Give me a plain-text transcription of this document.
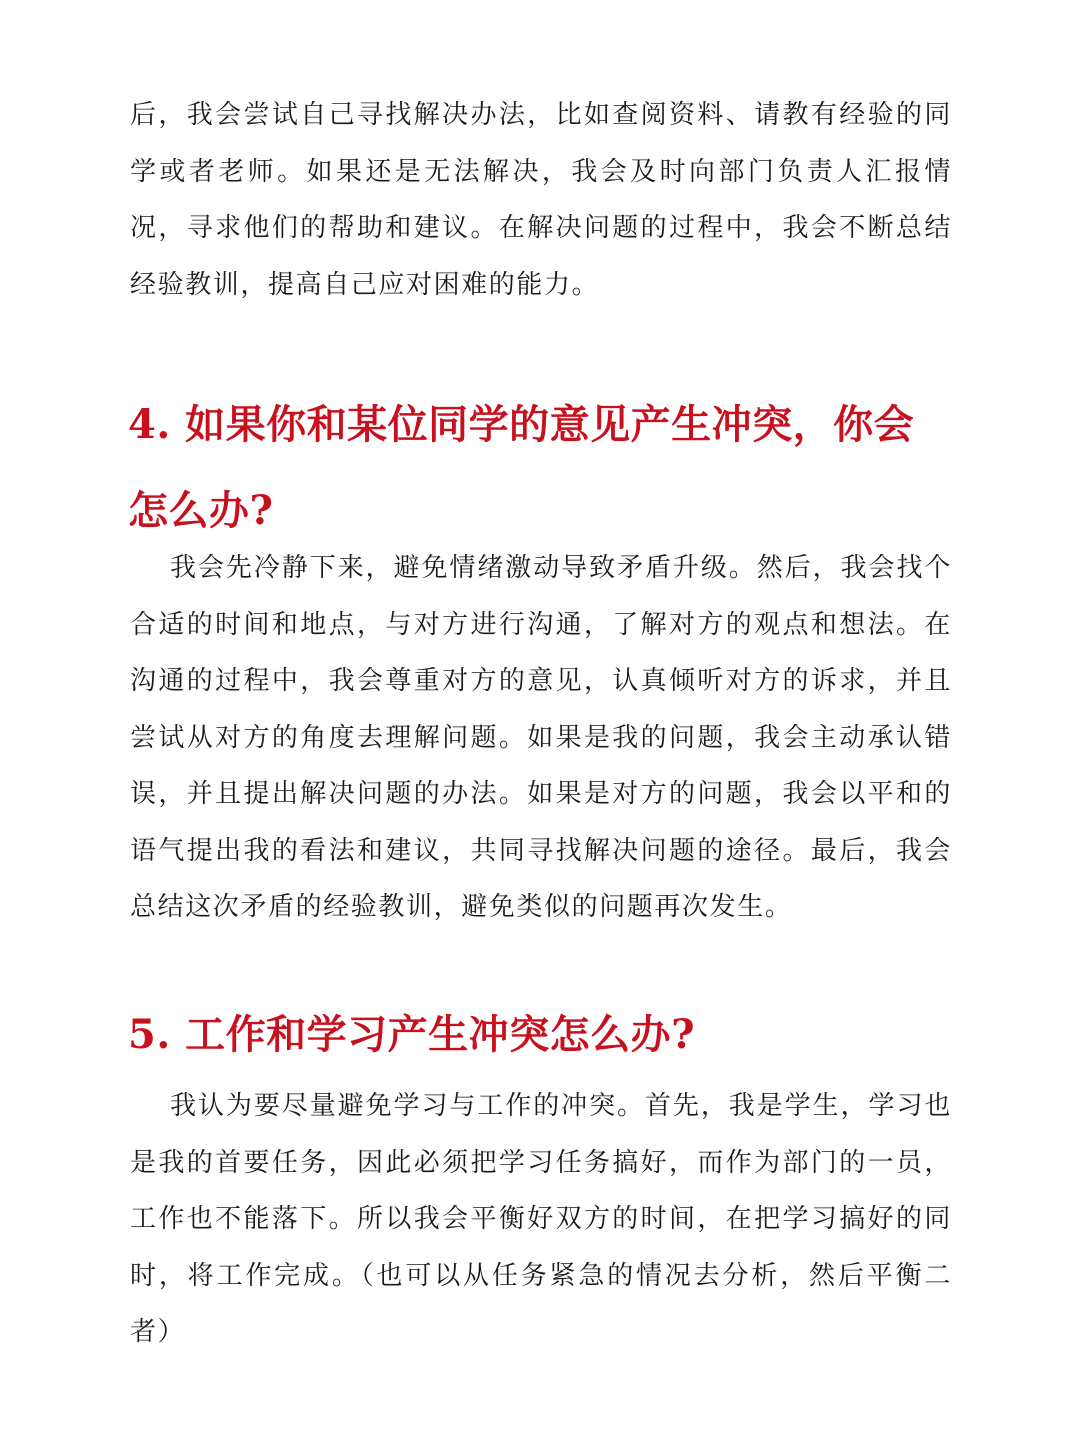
后，我会尝试自己寻找解决办法，比如查阅资料、请教有经验的同学或者老师。如果还是无法解决，我会及时向部门负责人汇报情况，寻求他们的帮助和建议。在解决问题的过程中，我会不断总结经验教训，提高自己应对困难的能力。

4. 如果你和某位同学的意见产生冲突，你会怎么办?

我会先冷静下来，避免情绪激动导致矛盾升级。然后，我会找个合适的时间和地点，与对方进行沟通，了解对方的观点和想法。在沟通的过程中，我会尊重对方的意见，认真倾听对方的诉求，并且尝试从对方的角度去理解问题。如果是我的问题，我会主动承认错误，并且提出解决问题的办法。如果是对方的问题，我会以平和的语气提出我的看法和建议，共同寻找解决问题的途径。最后，我会总结这次矛盾的经验教训，避免类似的问题再次发生。

5. 工作和学习产生冲突怎么办?

我认为要尽量避免学习与工作的冲突。首先，我是学生，学习也是我的首要任务，因此必须把学习任务搞好，而作为部门的一员，工作也不能落下。所以我会平衡好双方的时间，在把学习搞好的同时，将工作完成。（也可以从任务紧急的情况去分析，然后平衡二者）
